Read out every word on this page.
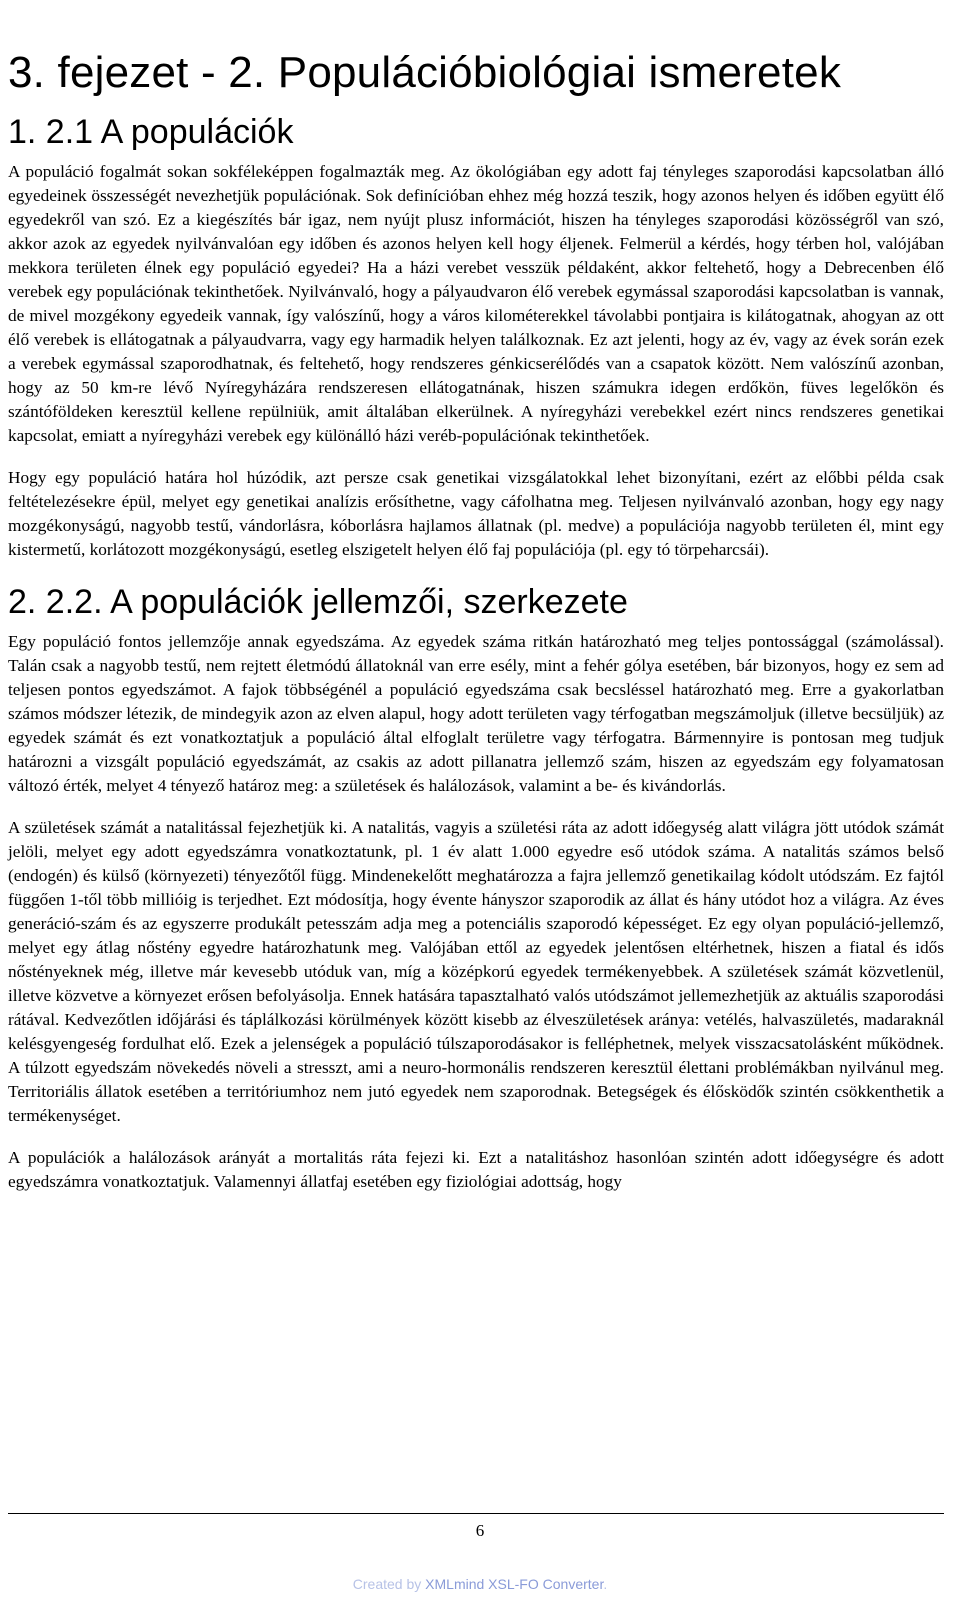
3. fejezet - 2. Populációbiológiai ismeretek
1. 2.1 A populációk

A populáció fogalmát sokan sokféleképpen fogalmazták meg. Az ökológiában egy adott faj tényleges szaporodási kapcsolatban álló egyedeinek összességét nevezhetjük populációnak. Sok definícióban ehhez még hozzá teszik, hogy azonos helyen és időben együtt élő egyedekről van szó. Ez a kiegészítés bár igaz, nem nyújt plusz információt, hiszen ha tényleges szaporodási közösségről van szó, akkor azok az egyedek nyilvánvalóan egy időben és azonos helyen kell hogy éljenek. Felmerül a kérdés, hogy térben hol, valójában mekkora területen élnek egy populáció egyedei? Ha a házi verebet vesszük példaként, akkor feltehető, hogy a Debrecenben élő verebek egy populációnak tekinthetőek. Nyilvánvaló, hogy a pályaudvaron élő verebek egymással szaporodási kapcsolatban is vannak, de mivel mozgékony egyedeik vannak, így valószínű, hogy a város kilométerekkel távolabbi pontjaira is kilátogatnak, ahogyan az ott élő verebek is ellátogatnak a pályaudvarra, vagy egy harmadik helyen találkoznak. Ez azt jelenti, hogy az év, vagy az évek során ezek a verebek egymással szaporodhatnak, és feltehető, hogy rendszeres génkicserélődés van a csapatok között. Nem valószínű azonban, hogy az 50 km-re lévő Nyíregyházára rendszeresen ellátogatnának, hiszen számukra idegen erdőkön, füves legelőkön és szántóföldeken keresztül kellene repülniük, amit általában elkerülnek. A nyíregyházi verebekkel ezért nincs rendszeres genetikai kapcsolat, emiatt a nyíregyházi verebek egy különálló házi veréb-populációnak tekinthetőek.

Hogy egy populáció határa hol húzódik, azt persze csak genetikai vizsgálatokkal lehet bizonyítani, ezért az előbbi példa csak feltételezésekre épül, melyet egy genetikai analízis erősíthetne, vagy cáfolhatna meg. Teljesen nyilvánvaló azonban, hogy egy nagy mozgékonyságú, nagyobb testű, vándorlásra, kóborlásra hajlamos állatnak (pl. medve) a populációja nagyobb területen él, mint egy kistermetű, korlátozott mozgékonyságú, esetleg elszigetelt helyen élő faj populációja (pl. egy tó törpeharcsái).

2. 2.2. A populációk jellemzői, szerkezete

Egy populáció fontos jellemzője annak egyedszáma. Az egyedek száma ritkán határozható meg teljes pontossággal (számolással). Talán csak a nagyobb testű, nem rejtett életmódú állatoknál van erre esély, mint a fehér gólya esetében, bár bizonyos, hogy ez sem ad teljesen pontos egyedszámot. A fajok többségénél a populáció egyedszáma csak becsléssel határozható meg. Erre a gyakorlatban számos módszer létezik, de mindegyik azon az elven alapul, hogy adott területen vagy térfogatban megszámoljuk (illetve becsüljük) az egyedek számát és ezt vonatkoztatjuk a populáció által elfoglalt területre vagy térfogatra. Bármennyire is pontosan meg tudjuk határozni a vizsgált populáció egyedszámát, az csakis az adott pillanatra jellemző szám, hiszen az egyedszám egy folyamatosan változó érték, melyet 4 tényező határoz meg: a születések és halálozások, valamint a be- és kivándorlás.

A születések számát a natalitással fejezhetjük ki. A natalitás, vagyis a születési ráta az adott időegység alatt világra jött utódok számát jelöli, melyet egy adott egyedszámra vonatkoztatunk, pl. 1 év alatt 1.000 egyedre eső utódok száma. A natalitás számos belső (endogén) és külső (környezeti) tényezőtől függ. Mindenekelőtt meghatározza a fajra jellemző genetikailag kódolt utódszám. Ez fajtól függően 1-től több millióig is terjedhet. Ezt módosítja, hogy évente hányszor szaporodik az állat és hány utódot hoz a világra. Az éves generáció-szám és az egyszerre produkált petesszám adja meg a potenciális szaporodó képességet. Ez egy olyan populáció-jellemző, melyet egy átlag nőstény egyedre határozhatunk meg. Valójában ettől az egyedek jelentősen eltérhetnek, hiszen a fiatal és idős nőstényeknek még, illetve már kevesebb utóduk van, míg a középkorú egyedek termékenyebbek. A születések számát közvetlenül, illetve közvetve a környezet erősen befolyásolja. Ennek hatására tapasztalható valós utódszámot jellemezhetjük az aktuális szaporodási rátával. Kedvezőtlen időjárási és táplálkozási körülmények között kisebb az élveszületések aránya: vetélés, halvaszületés, madaraknál kelésgyengeség fordulhat elő. Ezek a jelenségek a populáció túlszaporodásakor is felléphetnek, melyek visszacsatolásként működnek. A túlzott egyedszám növekedés növeli a stresszt, ami a neuro-hormonális rendszeren keresztül élettani problémákban nyilvánul meg. Territoriális állatok esetében a territóriumhoz nem jutó egyedek nem szaporodnak. Betegségek és élősködők szintén csökkenthetik a termékenységet.

A populációk a halálozások arányát a mortalitás ráta fejezi ki. Ezt a natalitáshoz hasonlóan szintén adott időegységre és adott egyedszámra vonatkoztatjuk. Valamennyi állatfaj esetében egy fiziológiai adottság, hogy

6
Created by XMLmind XSL-FO Converter.
